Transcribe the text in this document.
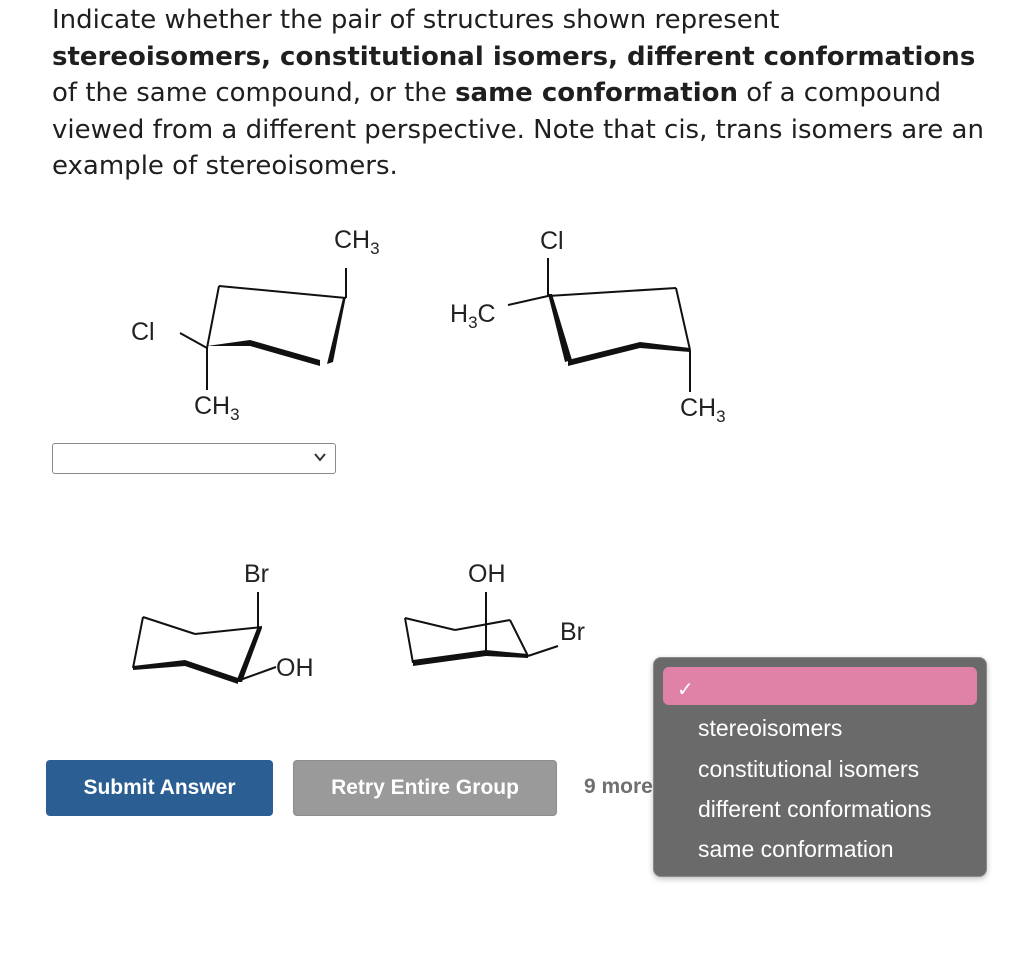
Indicate whether the pair of structures shown represent stereoisomers, constitutional isomers, different conformations of the same compound, or the same conformation of a compound viewed from a different perspective. Note that cis, trans isomers are an example of stereoisomers.

Cl
$CH_3$
$CH_3$	Cl
$H_3C$
$CH_3$
Br
OH
OH
Br
Submit Answer	Retry Entire Group	9 more
✓
stereoisomers
constitutional isomers
different conformations
same conformation
